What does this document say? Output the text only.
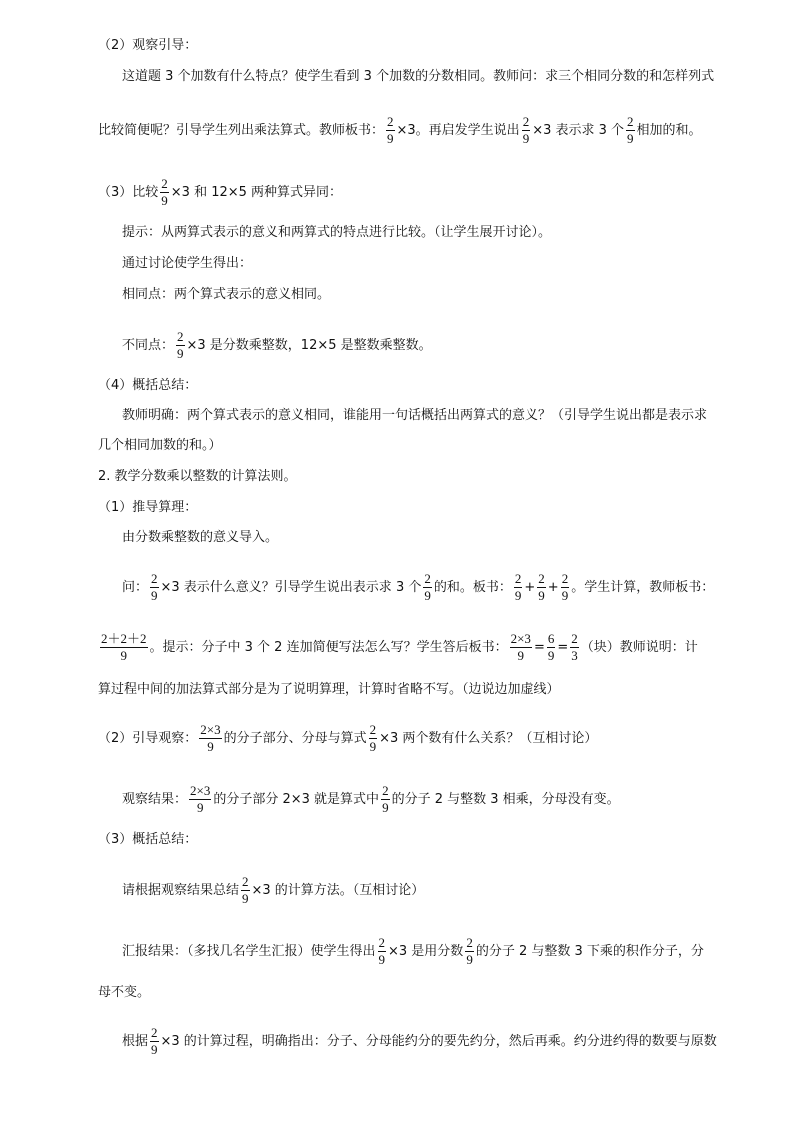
（2）观察引导：
这道题 3 个加数有什么特点？使学生看到 3 个加数的分数相同。教师问：求三个相同分数的和怎样列式
比较简便呢？引导学生列出乘法算式。教师板书： $\frac{2}{9} \times 3$。再启发学生说出 $\frac{2}{9} \times 3$ 表示求 3 个 $\frac{2}{9}$ 相加的和。
（3）比较 $\frac{2}{9} \times 3$ 和 12×5 两种算式异同：
提示：从两算式表示的意义和两算式的特点进行比较。（让学生展开讨论）。
通过讨论使学生得出：
相同点：两个算式表示的意义相同。
不同点： $\frac{2}{9} \times 3$ 是分数乘整数，12×5 是整数乘整数。
（4）概括总结：
教师明确：两个算式表示的意义相同，谁能用一句话概括出两算式的意义？（引导学生说出都是表示求
几个相同加数的和。）
2. 教学分数乘以整数的计算法则。
（1）推导算理：
由分数乘整数的意义导入。
问： $\frac{2}{9} \times 3$ 表示什么意义？引导学生说出表示求 3 个 $\frac{2}{9}$ 的和。板书： $\frac{2}{9} + \frac{2}{9} + \frac{2}{9}$ 。学生计算，教师板书：
$\frac{2+2+2}{9}$ 。提示：分子中 3 个 2 连加简便写法怎么写？学生答后板书： $\frac{2\times 3}{9} = \frac{6}{9} = \frac{2}{3}$ （块）教师说明：计
算过程中间的加法算式部分是为了说明算理，计算时省略不写。（边说边加虚线）
（2）引导观察： $\frac{2\times 3}{9}$ 的分子部分、分母与算式 $\frac{2}{9} \times 3$ 两个数有什么关系？（互相讨论）
观察结果： $\frac{2\times 3}{9}$ 的分子部分 2×3 就是算式中 $\frac{2}{9}$ 的分子 2 与整数 3 相乘，分母没有变。
（3）概括总结：
请根据观察结果总结 $\frac{2}{9} \times 3$ 的计算方法。（互相讨论）
汇报结果：（多找几名学生汇报）使学生得出 $\frac{2}{9} \times 3$ 是用分数 $\frac{2}{9}$ 的分子 2 与整数 3 下乘的积作分子，分
母不变。
根据 $\frac{2}{9} \times 3$ 的计算过程，明确指出：分子、分母能约分的要先约分，然后再乘。约分进约得的数要与原数
